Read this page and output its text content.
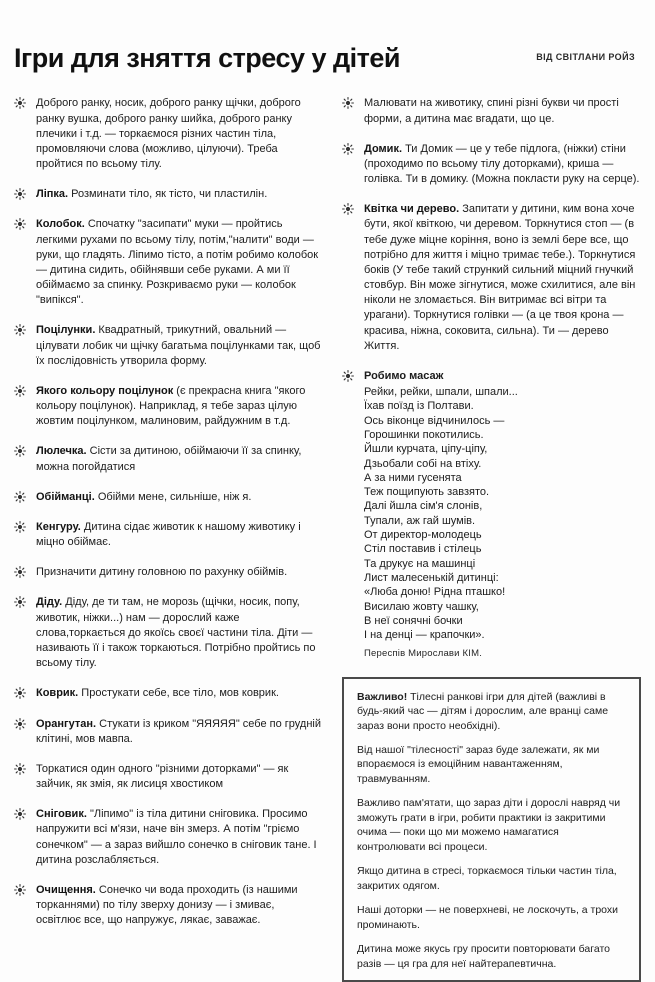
Ігри для зняття стресу у дітей	ВІД СВІТЛАНИ РОЙЗ

Доброго ранку, носик, доброго ранку щічки, доброго ранку вушка, доброго ранку шийка, доброго ранку плечики і т.д. — торкаємося різних частин тіла, промовляючи слова (можливо, цілуючи). Треба пройтися по всьому тілу.

Ліпка. Розминати тіло, як тісто, чи пластилін.

Колобок. Спочатку "засипати" муки — пройтись легкими рухами по всьому тілу, потім,"налити" води — руки, що гладять. Ліпимо тісто, а потім робимо колобок — дитина сидить, обійнявши себе руками. А ми її обіймаємо за спинку. Розкриваємо руки — колобок "випікся".

Поцілунки. Квадратный, трикутний, овальний — цілувати лобик чи щічку багатьма поцілунками так, щоб їх послідовність утворила форму.

Якого кольору поцілунок (є прекрасна книга "якого кольору поцілунок). Наприклад, я тебе зараз цілую жовтим поцілунком, малиновим, райдужним в т.д.

Люлечка. Сісти за дитиною, обіймаючи її за спинку, можна погойдатися

Обійманці. Обійми мене, сильніше, ніж я.

Кенгуру. Дитина сідає животик к нашому животику і міцно обіймає.

Призначити дитину головною по рахунку обіймів.

Діду. Діду, де ти там, не морозь (щічки, носик, попу, животик, ніжки...) нам — дорослий каже слова,торкається до якоїсь своєї частини тіла. Діти — називають її і також торкаються. Потрібно пройтись по всьому тілу.

Коврик. Простукати себе, все тіло, мов коврик.

Орангутан. Стукати із криком "ЯЯЯЯЯ" себе по грудній клітині, мов мавпа.

Торкатися один одного "різними доторками" — як зайчик, як змія, як лисиця хвостиком

Сніговик. "Ліпимо" із тіла дитини сніговика. Просимо напружити всі м'язи, наче він змерз. А потім "гріємо сонечком" — а зараз вийшло сонечко в сніговик тане. І дитина розслабляється.

Очищення. Сонечко чи вода проходить (із нашими торканнями) по тілу зверху донизу — і змиває, освітлює все, що напружує, лякає, заважає.

Малювати на животику, спині різні букви чи прості форми, а дитина має вгадати, що це.

Домик. Ти Домик — це у тебе підлога, (ніжки) стіни (проходимо по всьому тілу доторками), криша — голівка. Ти в домику. (Можна покласти руку на серце).

Квітка чи дерево. Запитати у дитини, ким вона хоче бути, якої квіткою, чи деревом. Торкнутися стоп — (в тебе дуже міцне коріння, воно із землі бере все, що потрібно для життя і міцно тримає тебе.). Торкнутися боків (У тебе такий стрункий сильний міцний гнучкий стовбур. Він може зігнутися, може схилитися, але він ніколи не зломається. Він витримає всі вітри та урагани). Торкнутися голівки — (а це твоя крона — красива, ніжна, соковита, сильна). Ти — дерево Життя.

Робимо масаж

Рейки, рейки, шпали, шпали...

Їхав поїзд із Полтави.

Ось віконце відчинилось —

Горошинки покотились.

Йшли курчата, ціпу-ціпу,

Дзьобали собі на втіху.

А за ними гусенята

Теж пощипують завзято.

Далі йшла сім'я слонів,

Тупали, аж гай шумів.

От директор-молодець

Стіл поставив і стілець

Та друкує на машинці

Лист малесенькій дитинці:

«Люба доню! Рідна пташко!

Висилаю жовту чашку,

В неї сонячні бочки

І на денці — крапочки».

Переспів Мирослави КІМ.

Важливо! Тілесні ранкові ігри для дітей (важливі в будь-який час — дітям і дорослим, але вранці саме зараз вони просто необхідні).

Від нашої "тілесності" зараз буде залежати, як ми впораємося із емоційним навантаженням, травмуванням.

Важливо пам'ятати, що зараз діти і дорослі навряд чи зможуть грати в ігри, робити практики із закритими очима — поки що ми можемо намагатися контролювати всі процеси.

Якщо дитина в стресі, торкаємося тільки частин тіла, закритих одягом.

Наші доторки — не поверхневі, не лоскочуть, а трохи проминають.

Дитина може якусь гру просити повторювати багато разів — ця гра для неї найтерапевтична.
